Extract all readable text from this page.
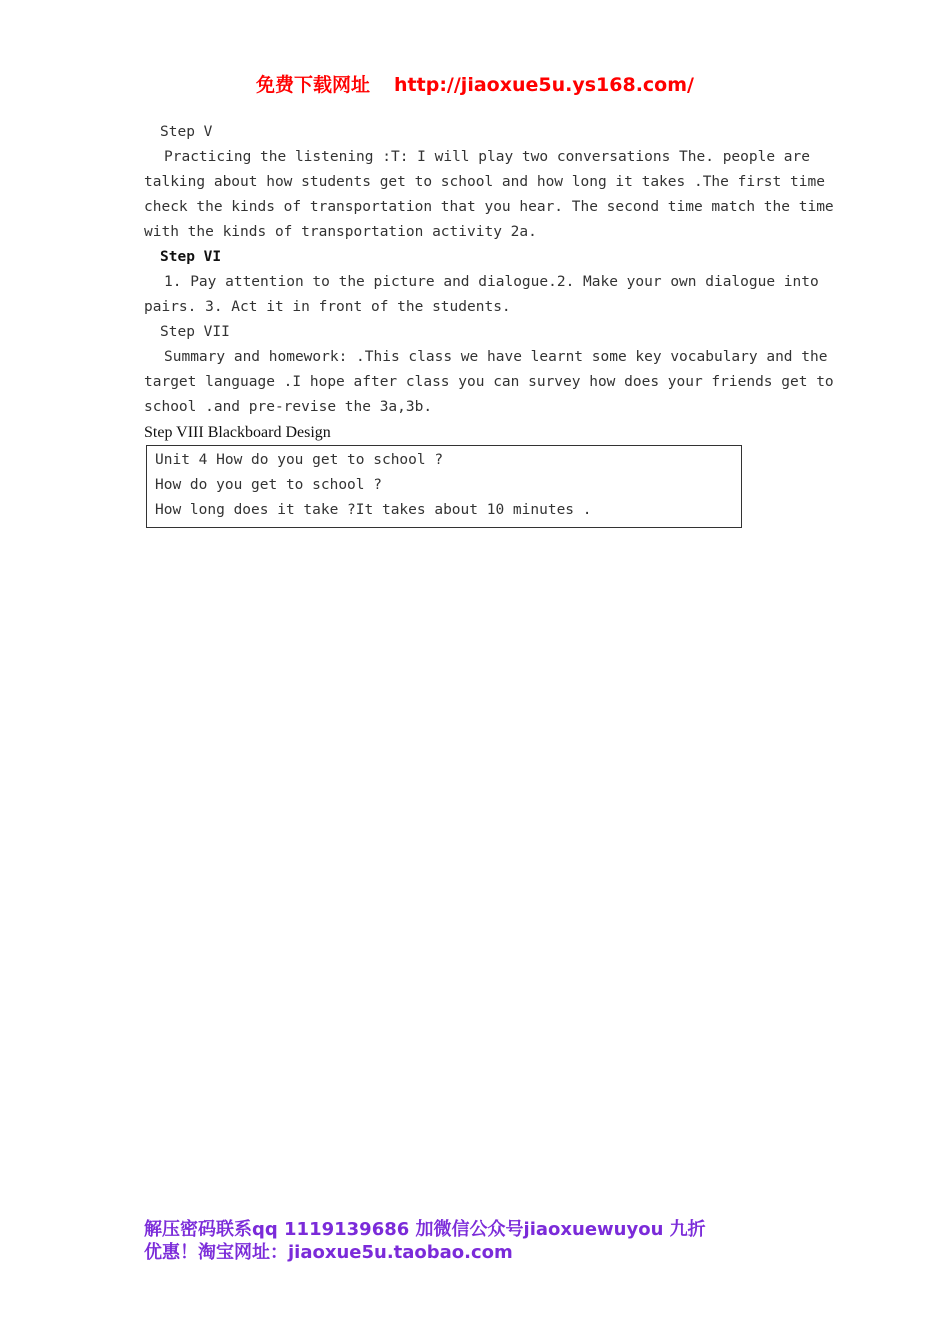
免费下载网址 http://jiaoxue5u.ys168.com/
Step V
Practicing the listening :T: I will play two conversations The. people are
talking about how students get to school and how long it takes .The first time
check the kinds of transportation that you hear. The second time match the time
with the kinds of transportation activity 2a.
Step VI
1. Pay attention to the picture and dialogue.2. Make your own dialogue into
pairs. 3. Act it in front of the students.
Step VII
Summary and homework: .This class we have learnt some key vocabulary and the
target language .I hope after class you can survey how does your friends get to
school .and pre-revise the 3a,3b.
Step VIII Blackboard Design
Unit 4 How do you get to school ?
How do you get to school ?
How long does it take ?It takes about 10 minutes .
解压密码联系qq 1119139686 加微信公众号jiaoxuewuyou 九折
优惠！淘宝网址：jiaoxue5u.taobao.com
